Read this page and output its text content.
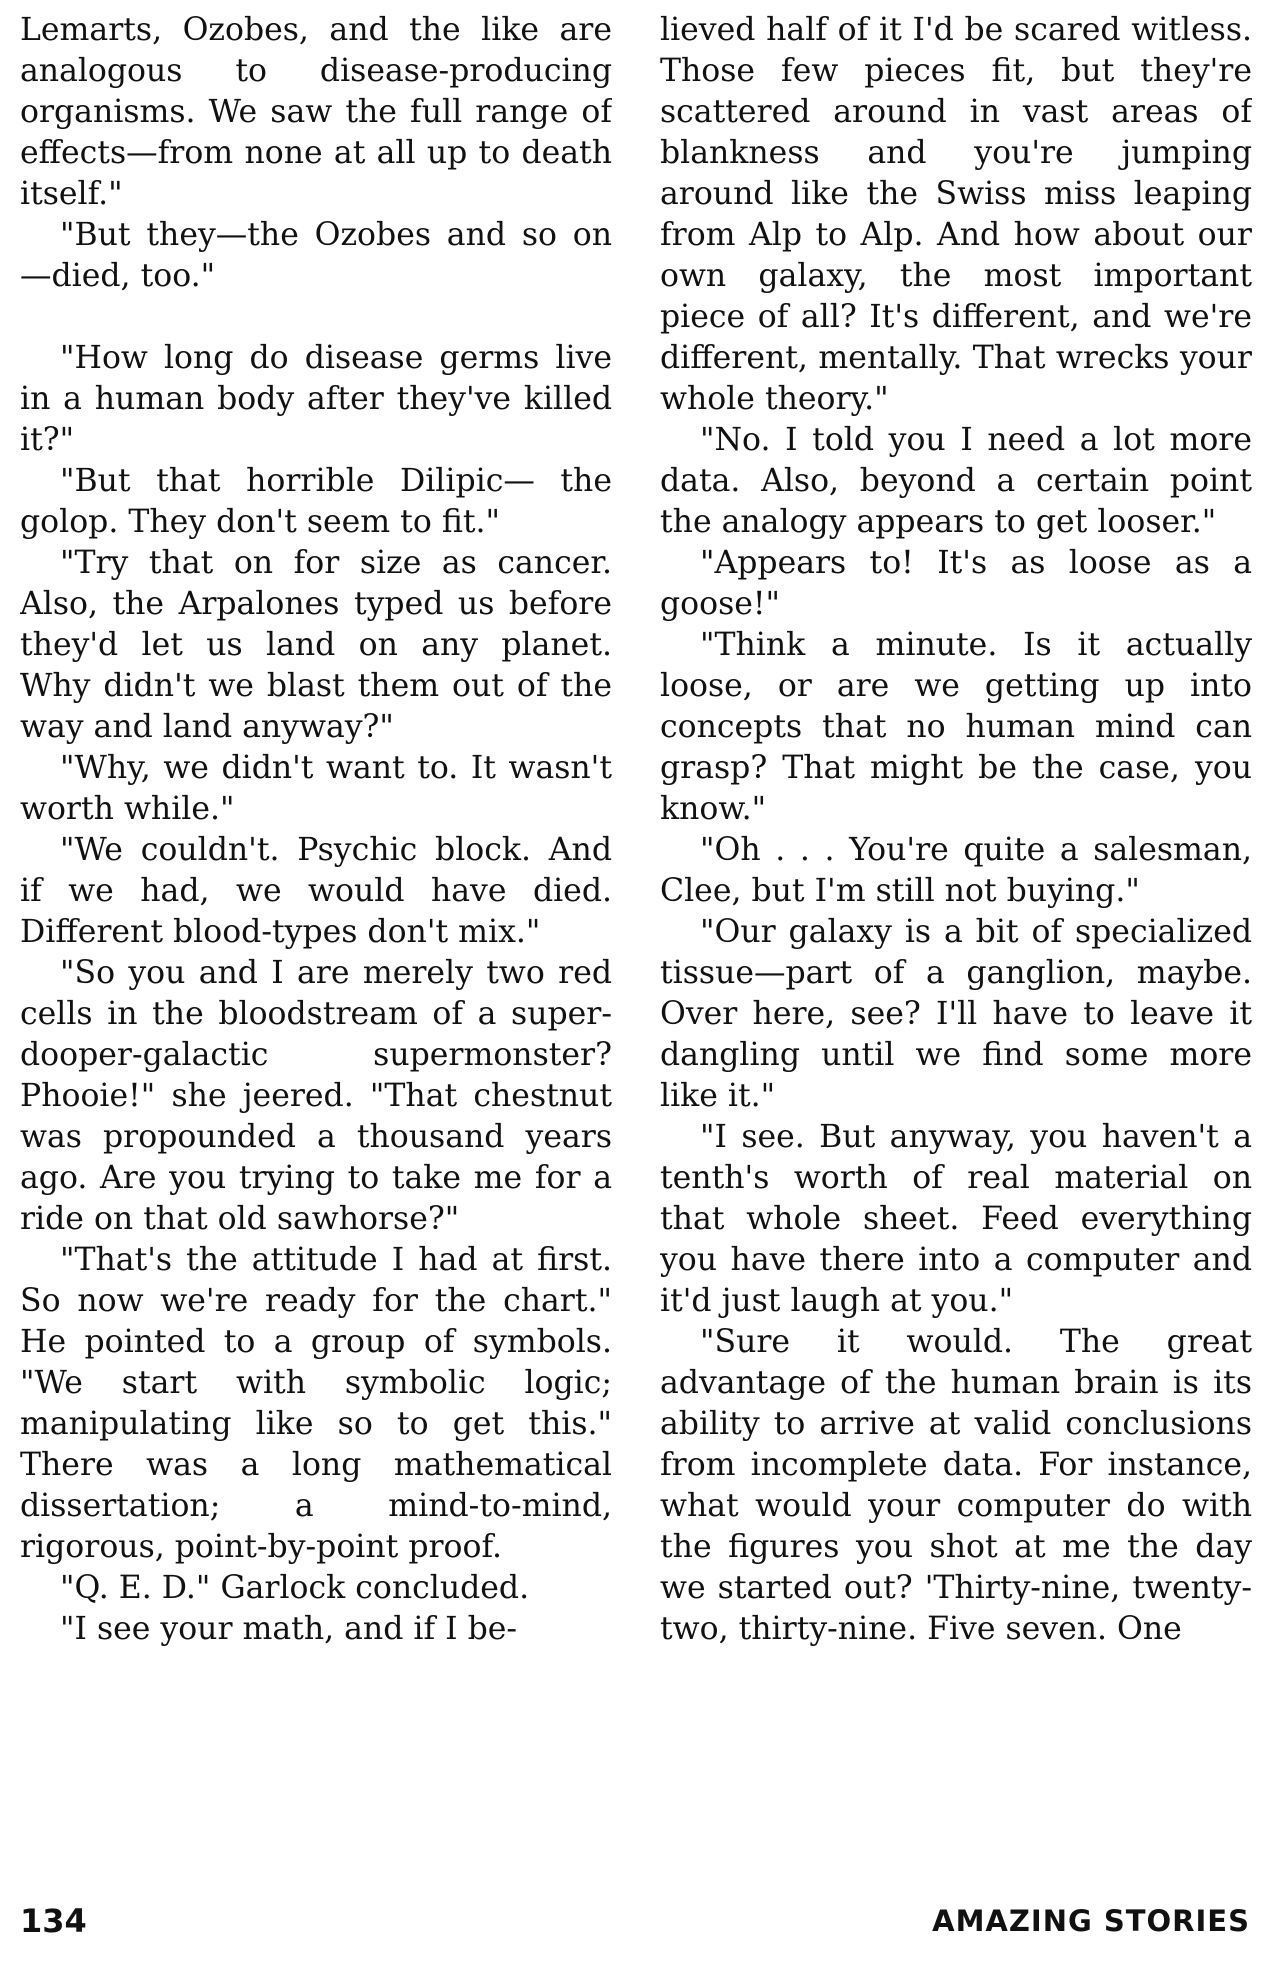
Lemarts, Ozobes, and the like are analogous to disease-producing organisms. We saw the full range of effects—from none at all up to death itself."

"But they—the Ozobes and so on—died, too."

"How long do disease germs live in a human body after they've killed it?"

"But that horrible Dilipic— the golop. They don't seem to fit."

"Try that on for size as cancer. Also, the Arpalones typed us before they'd let us land on any planet. Why didn't we blast them out of the way and land anyway?"

"Why, we didn't want to. It wasn't worth while."

"We couldn't. Psychic block. And if we had, we would have died. Different blood-types don't mix."

"So you and I are merely two red cells in the bloodstream of a super-dooper-galactic supermonster? Phooie!" she jeered. "That chestnut was propounded a thousand years ago. Are you trying to take me for a ride on that old sawhorse?"

"That's the attitude I had at first. So now we're ready for the chart." He pointed to a group of symbols. "We start with symbolic logic; manipulating like so to get this." There was a long mathematical dissertation; a mind-to-mind, rigorous, point-by-point proof.

"Q. E. D." Garlock concluded.

"I see your math, and if I be-

lieved half of it I'd be scared witless. Those few pieces fit, but they're scattered around in vast areas of blankness and you're jumping around like the Swiss miss leaping from Alp to Alp. And how about our own galaxy, the most important piece of all? It's different, and we're different, mentally. That wrecks your whole theory."

"No. I told you I need a lot more data. Also, beyond a certain point the analogy appears to get looser."

"Appears to! It's as loose as a goose!"

"Think a minute. Is it actually loose, or are we getting up into concepts that no human mind can grasp? That might be the case, you know."

"Oh . . . You're quite a salesman, Clee, but I'm still not buying."

"Our galaxy is a bit of specialized tissue—part of a ganglion, maybe. Over here, see? I'll have to leave it dangling until we find some more like it."

"I see. But anyway, you haven't a tenth's worth of real material on that whole sheet. Feed everything you have there into a computer and it'd just laugh at you."

"Sure it would. The great advantage of the human brain is its ability to arrive at valid conclusions from incomplete data. For instance, what would your computer do with the figures you shot at me the day we started out? 'Thirty-nine, twenty-two, thirty-nine. Five seven. One

134	AMAZING STORIES
